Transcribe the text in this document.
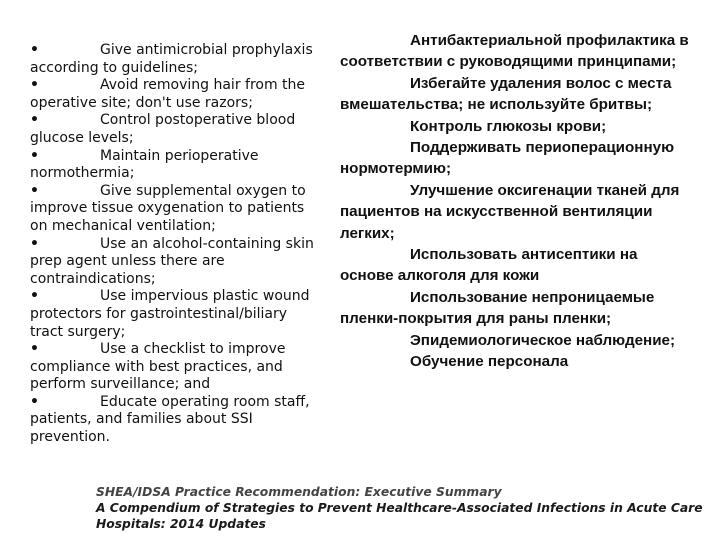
•	Give antimicrobial prophylaxis according to guidelines;

•	Avoid removing hair from the operative site; don't use razors;

•	Control postoperative blood glucose levels;

•	Maintain perioperative normothermia;

•	Give supplemental oxygen to improve tissue oxygenation to patients on mechanical ventilation;

•	Use an alcohol-containing skin prep agent unless there are contraindications;

•	Use impervious plastic wound protectors for gastrointestinal/biliary tract surgery;

•	Use a checklist to improve compliance with best practices, and perform surveillance; and

•	Educate operating room staff, patients, and families about SSI prevention.

Антибактериальной профилактика в соответствии с руководящими принципами;

Избегайте удаления волос с места вмешательства; не используйте бритвы;

Контроль глюкозы крови;

Поддерживать периоперационную нормотермию;

Улучшение оксигенации тканей для пациентов на искусственной вентиляции легких;

Использовать антисептики на основе алкоголя для кожи

Использование непроницаемые пленки-покрытия для раны пленки;

Эпидемиологическое наблюдение;

Обучение персонала

SHEA/IDSA Practice Recommendation: Executive Summary
A Compendium of Strategies to Prevent Healthcare-Associated Infections in Acute Care Hospitals: 2014 Updates
